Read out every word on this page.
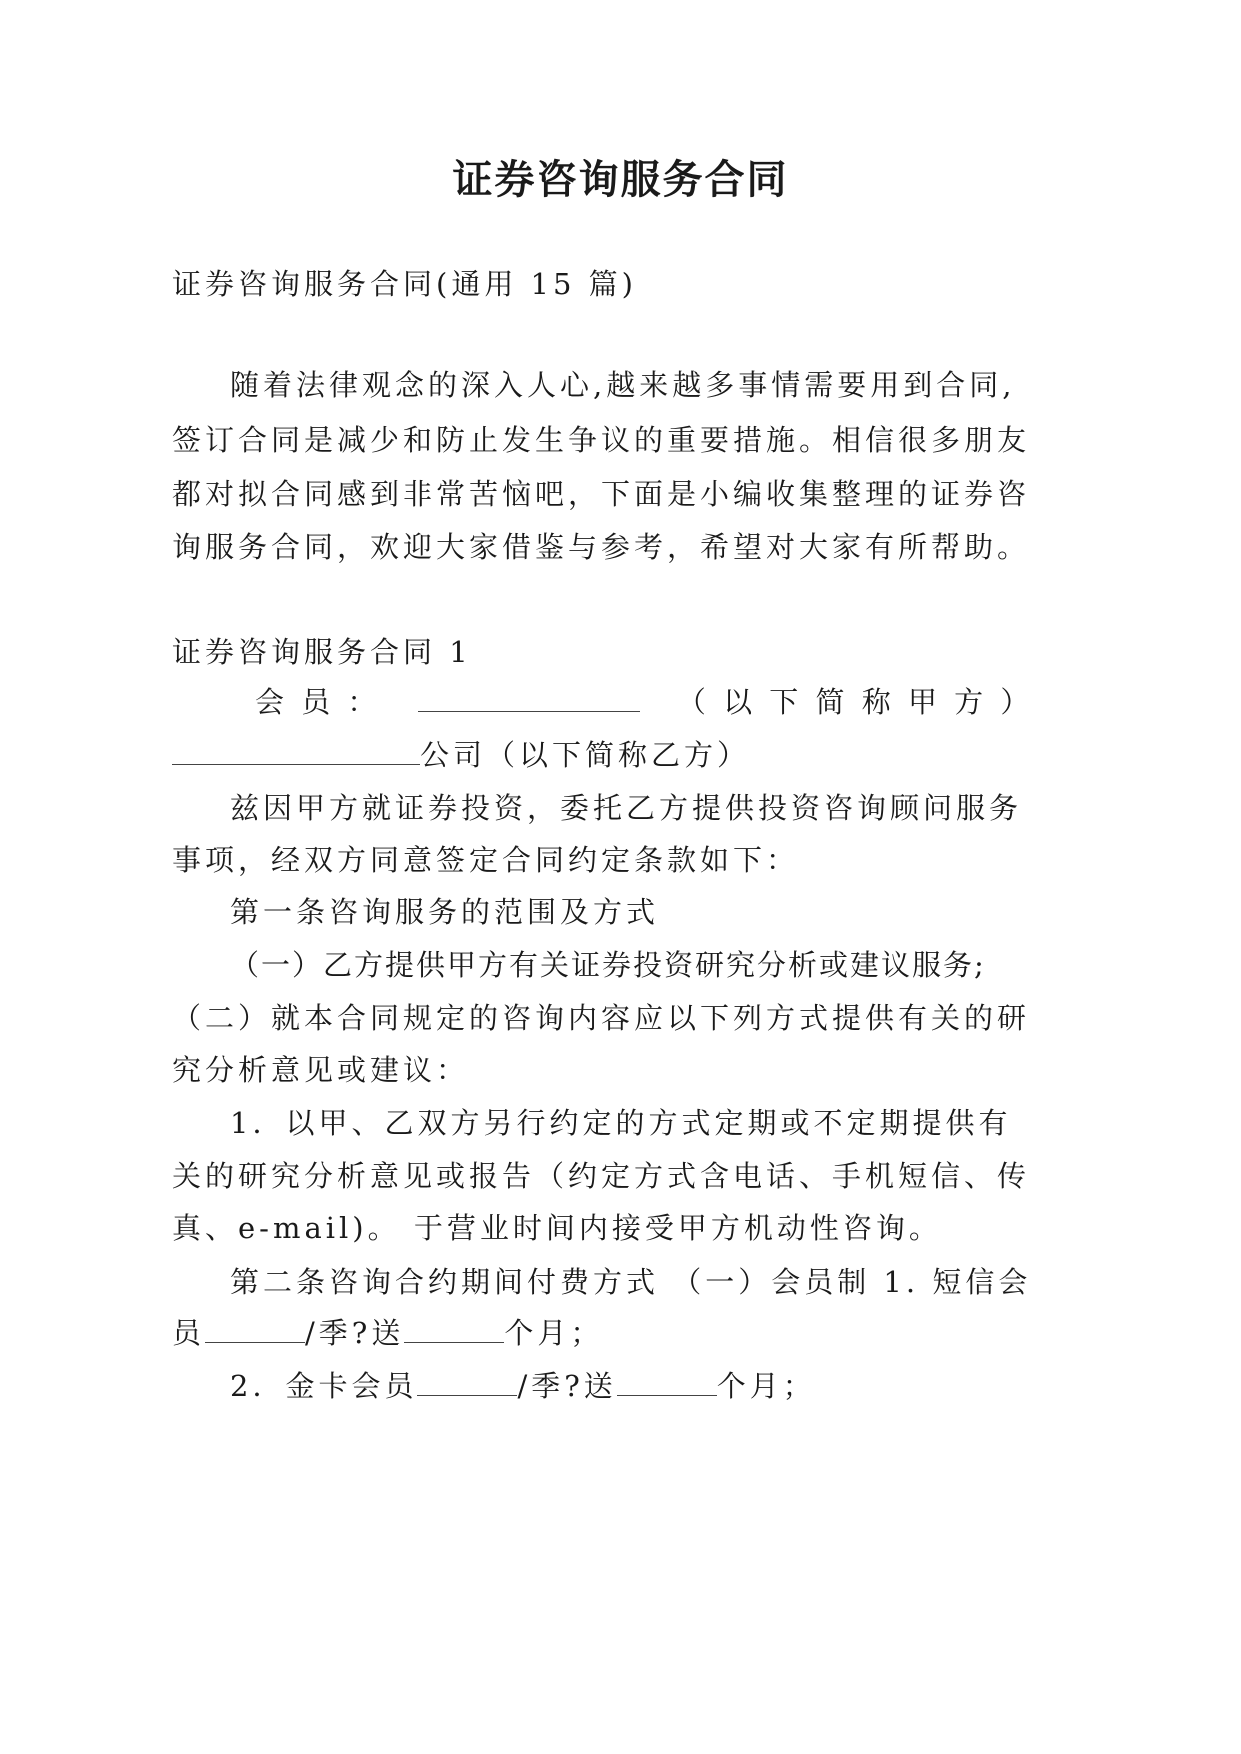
证券咨询服务合同
证券咨询服务合同(通用 15 篇)
随着法律观念的深入人心,越来越多事情需要用到合同,
签订合同是减少和防止发生争议的重要措施。相信很多朋友
都对拟合同感到非常苦恼吧，下面是小编收集整理的证券咨
询服务合同，欢迎大家借鉴与参考，希望对大家有所帮助。
证券咨询服务合同 1
会 员 ：	（ 以 下 简 称 甲 方 ）
公司（以下简称乙方）
兹因甲方就证券投资，委托乙方提供投资咨询顾问服务
事项，经双方同意签定合同约定条款如下：
第一条咨询服务的范围及方式
（一）乙方提供甲方有关证券投资研究分析或建议服务;
（二）就本合同规定的咨询内容应以下列方式提供有关的研
究分析意见或建议：
1．以甲、乙双方另行约定的方式定期或不定期提供有
关的研究分析意见或报告（约定方式含电话、手机短信、传
真、e-mail)。 于营业时间内接受甲方机动性咨询。
第二条咨询合约期间付费方式 （一）会员制 1. 短信会
员	/季?送	个月；
2．金卡会员	/季?送	个月；
